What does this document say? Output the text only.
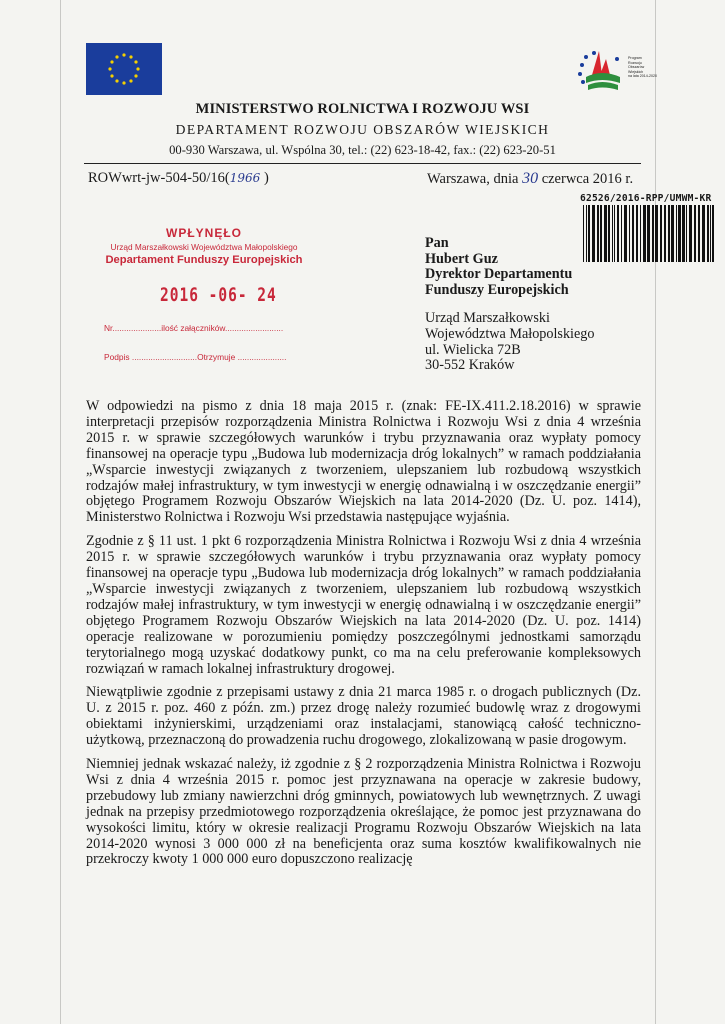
Program
Rozwoju
Obszarów
Wiejskich
na lata 2014-2020
MINISTERSTWO ROLNICTWA I ROZWOJU WSI
DEPARTAMENT ROZWOJU OBSZARÓW WIEJSKICH
00-930 Warszawa, ul. Wspólna 30, tel.: (22) 623-18-42, fax.: (22) 623-20-51
ROWwrt-jw-504-50/16(1966 )	Warszawa, dnia 30 czerwca 2016 r.
62526/2016-RPP/UMWM-KR
WPŁYNĘŁO
Urząd Marszałkowski Województwa Małopolskiego
Departament Funduszy Europejskich
2016 -06- 24
Nr.....................ilość załączników.........................
Podpis ............................Otrzymuje .....................
Pan
Hubert Guz
Dyrektor Departamentu
Funduszy Europejskich
Urząd Marszałkowski
Województwa Małopolskiego
ul. Wielicka 72B
30-552 Kraków

W odpowiedzi na pismo z dnia 18 maja 2015 r. (znak: FE-IX.411.2.18.2016) w sprawie interpretacji przepisów rozporządzenia Ministra Rolnictwa i Rozwoju Wsi z dnia 4 września 2015 r. w sprawie szczegółowych warunków i trybu przyznawania oraz wypłaty pomocy finansowej na operacje typu „Budowa lub modernizacja dróg lokalnych” w ramach poddziałania „Wsparcie inwestycji związanych z tworzeniem, ulepszaniem lub rozbudową wszystkich rodzajów małej infrastruktury, w tym inwestycji w energię odnawialną i w oszczędzanie energii” objętego Programem Rozwoju Obszarów Wiejskich na lata 2014-2020 (Dz. U. poz. 1414), Ministerstwo Rolnictwa i Rozwoju Wsi przedstawia następujące wyjaśnia.

Zgodnie z § 11 ust. 1 pkt 6 rozporządzenia Ministra Rolnictwa i Rozwoju Wsi z dnia 4 września 2015 r. w sprawie szczegółowych warunków i trybu przyznawania oraz wypłaty pomocy finansowej na operacje typu „Budowa lub modernizacja dróg lokalnych” w ramach poddziałania „Wsparcie inwestycji związanych z tworzeniem, ulepszaniem lub rozbudową wszystkich rodzajów małej infrastruktury, w tym inwestycji w energię odnawialną i w oszczędzanie energii” objętego Programem Rozwoju Obszarów Wiejskich na lata 2014-2020 (Dz. U. poz. 1414) operacje realizowane w porozumieniu pomiędzy poszczególnymi jednostkami samorządu terytorialnego mogą uzyskać dodatkowy punkt, co ma na celu preferowanie kompleksowych rozwiązań w ramach lokalnej infrastruktury drogowej.

Niewątpliwie zgodnie z przepisami ustawy z dnia 21 marca 1985 r. o drogach publicznych (Dz. U. z 2015 r. poz. 460 z późn. zm.) przez drogę należy rozumieć budowlę wraz z drogowymi obiektami inżynierskimi, urządzeniami oraz instalacjami, stanowiącą całość techniczno-użytkową, przeznaczoną do prowadzenia ruchu drogowego, zlokalizowaną w pasie drogowym.

Niemniej jednak wskazać należy, iż zgodnie z § 2 rozporządzenia Ministra Rolnictwa i Rozwoju Wsi z dnia 4 września 2015 r. pomoc jest przyznawana na operacje w zakresie budowy, przebudowy lub zmiany nawierzchni dróg gminnych, powiatowych lub wewnętrznych. Z uwagi jednak na przepisy przedmiotowego rozporządzenia określające, że pomoc jest przyznawana do wysokości limitu, który w okresie realizacji Programu Rozwoju Obszarów Wiejskich na lata 2014-2020 wynosi 3 000 000 zł na beneficjenta oraz suma kosztów kwalifikowalnych nie przekroczy kwoty 1 000 000 euro dopuszczono realizację
